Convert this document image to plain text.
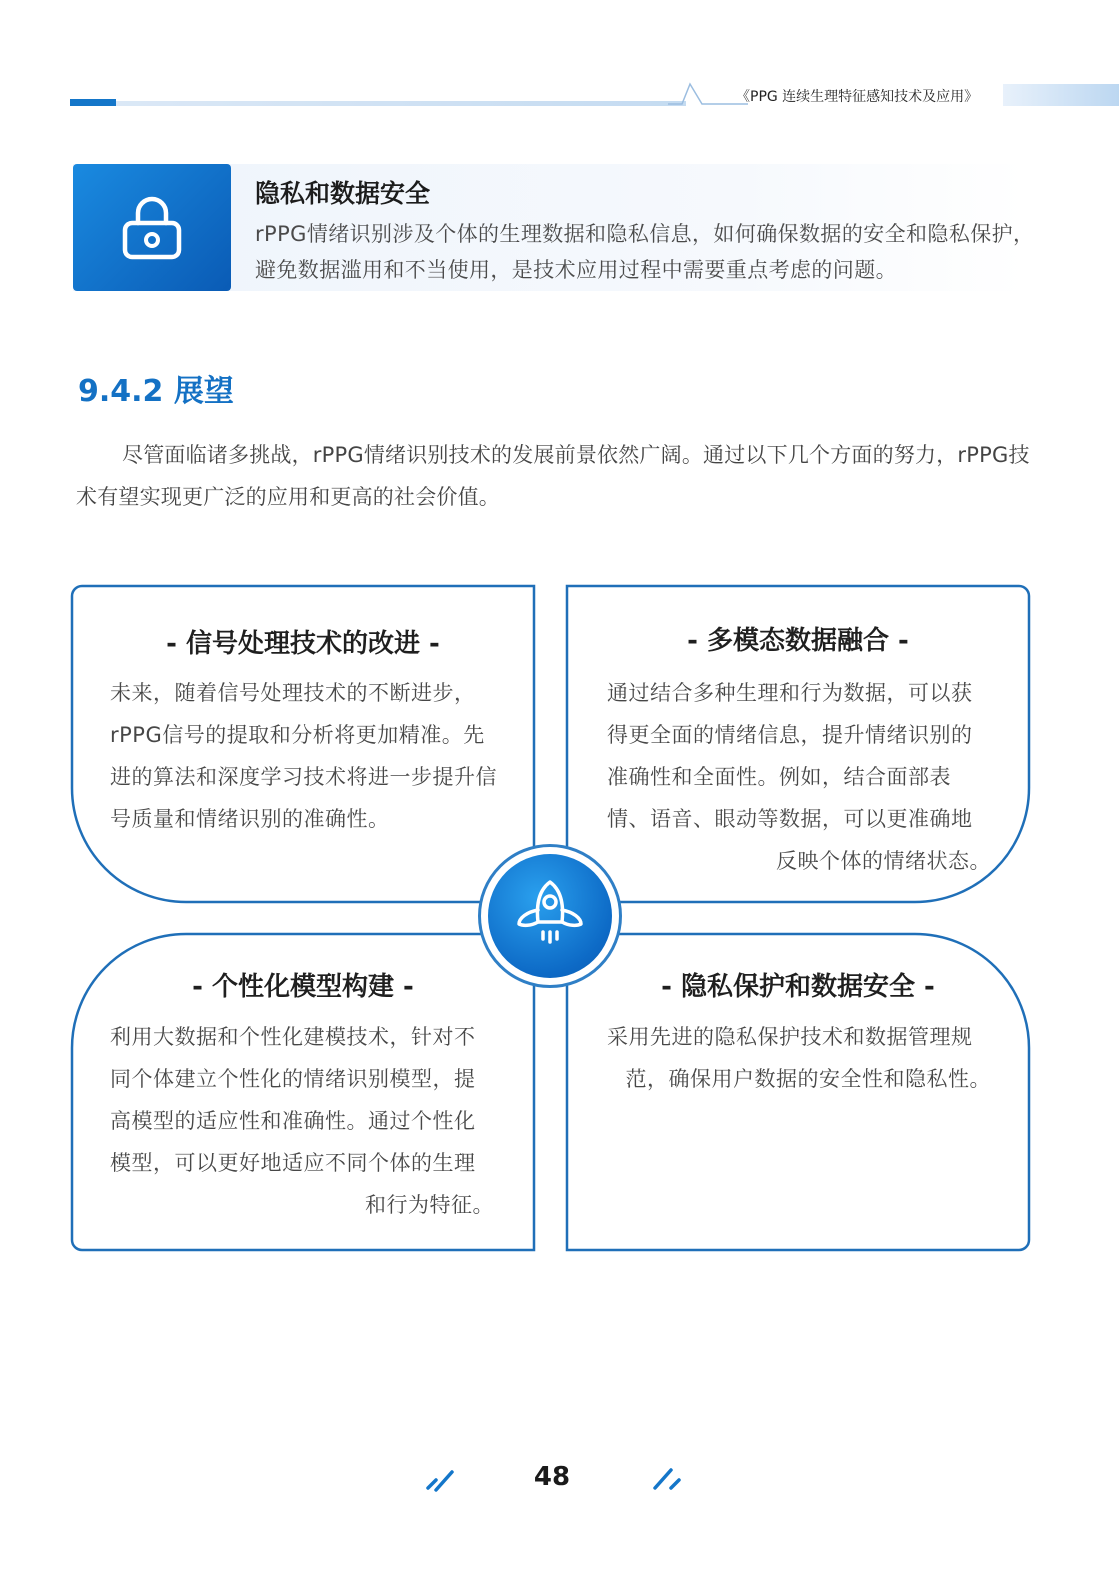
《PPG 连续生理特征感知技术及应用》
隐私和数据安全
rPPG情绪识别涉及个体的生理数据和隐私信息，如何确保数据的安全和隐私保护，避免数据滥用和不当使用，是技术应用过程中需要重点考虑的问题。
9.4.2 展望
尽管面临诸多挑战，rPPG情绪识别技术的发展前景依然广阔。通过以下几个方面的努力，rPPG技术有望实现更广泛的应用和更高的社会价值。
- 信号处理技术的改进 -
未来，随着信号处理技术的不断进步，rPPG信号的提取和分析将更加精准。先进的算法和深度学习技术将进一步提升信号质量和情绪识别的准确性。
- 多模态数据融合 -
通过结合多种生理和行为数据，可以获得更全面的情绪信息，提升情绪识别的准确性和全面性。例如，结合面部表情、语音、眼动等数据，可以更准确地反映个体的情绪状态。
- 个性化模型构建 -
利用大数据和个性化建模技术，针对不同个体建立个性化的情绪识别模型，提高模型的适应性和准确性。通过个性化模型，可以更好地适应不同个体的生理和行为特征。
- 隐私保护和数据安全 -
采用先进的隐私保护技术和数据管理规范，确保用户数据的安全性和隐私性。
48
